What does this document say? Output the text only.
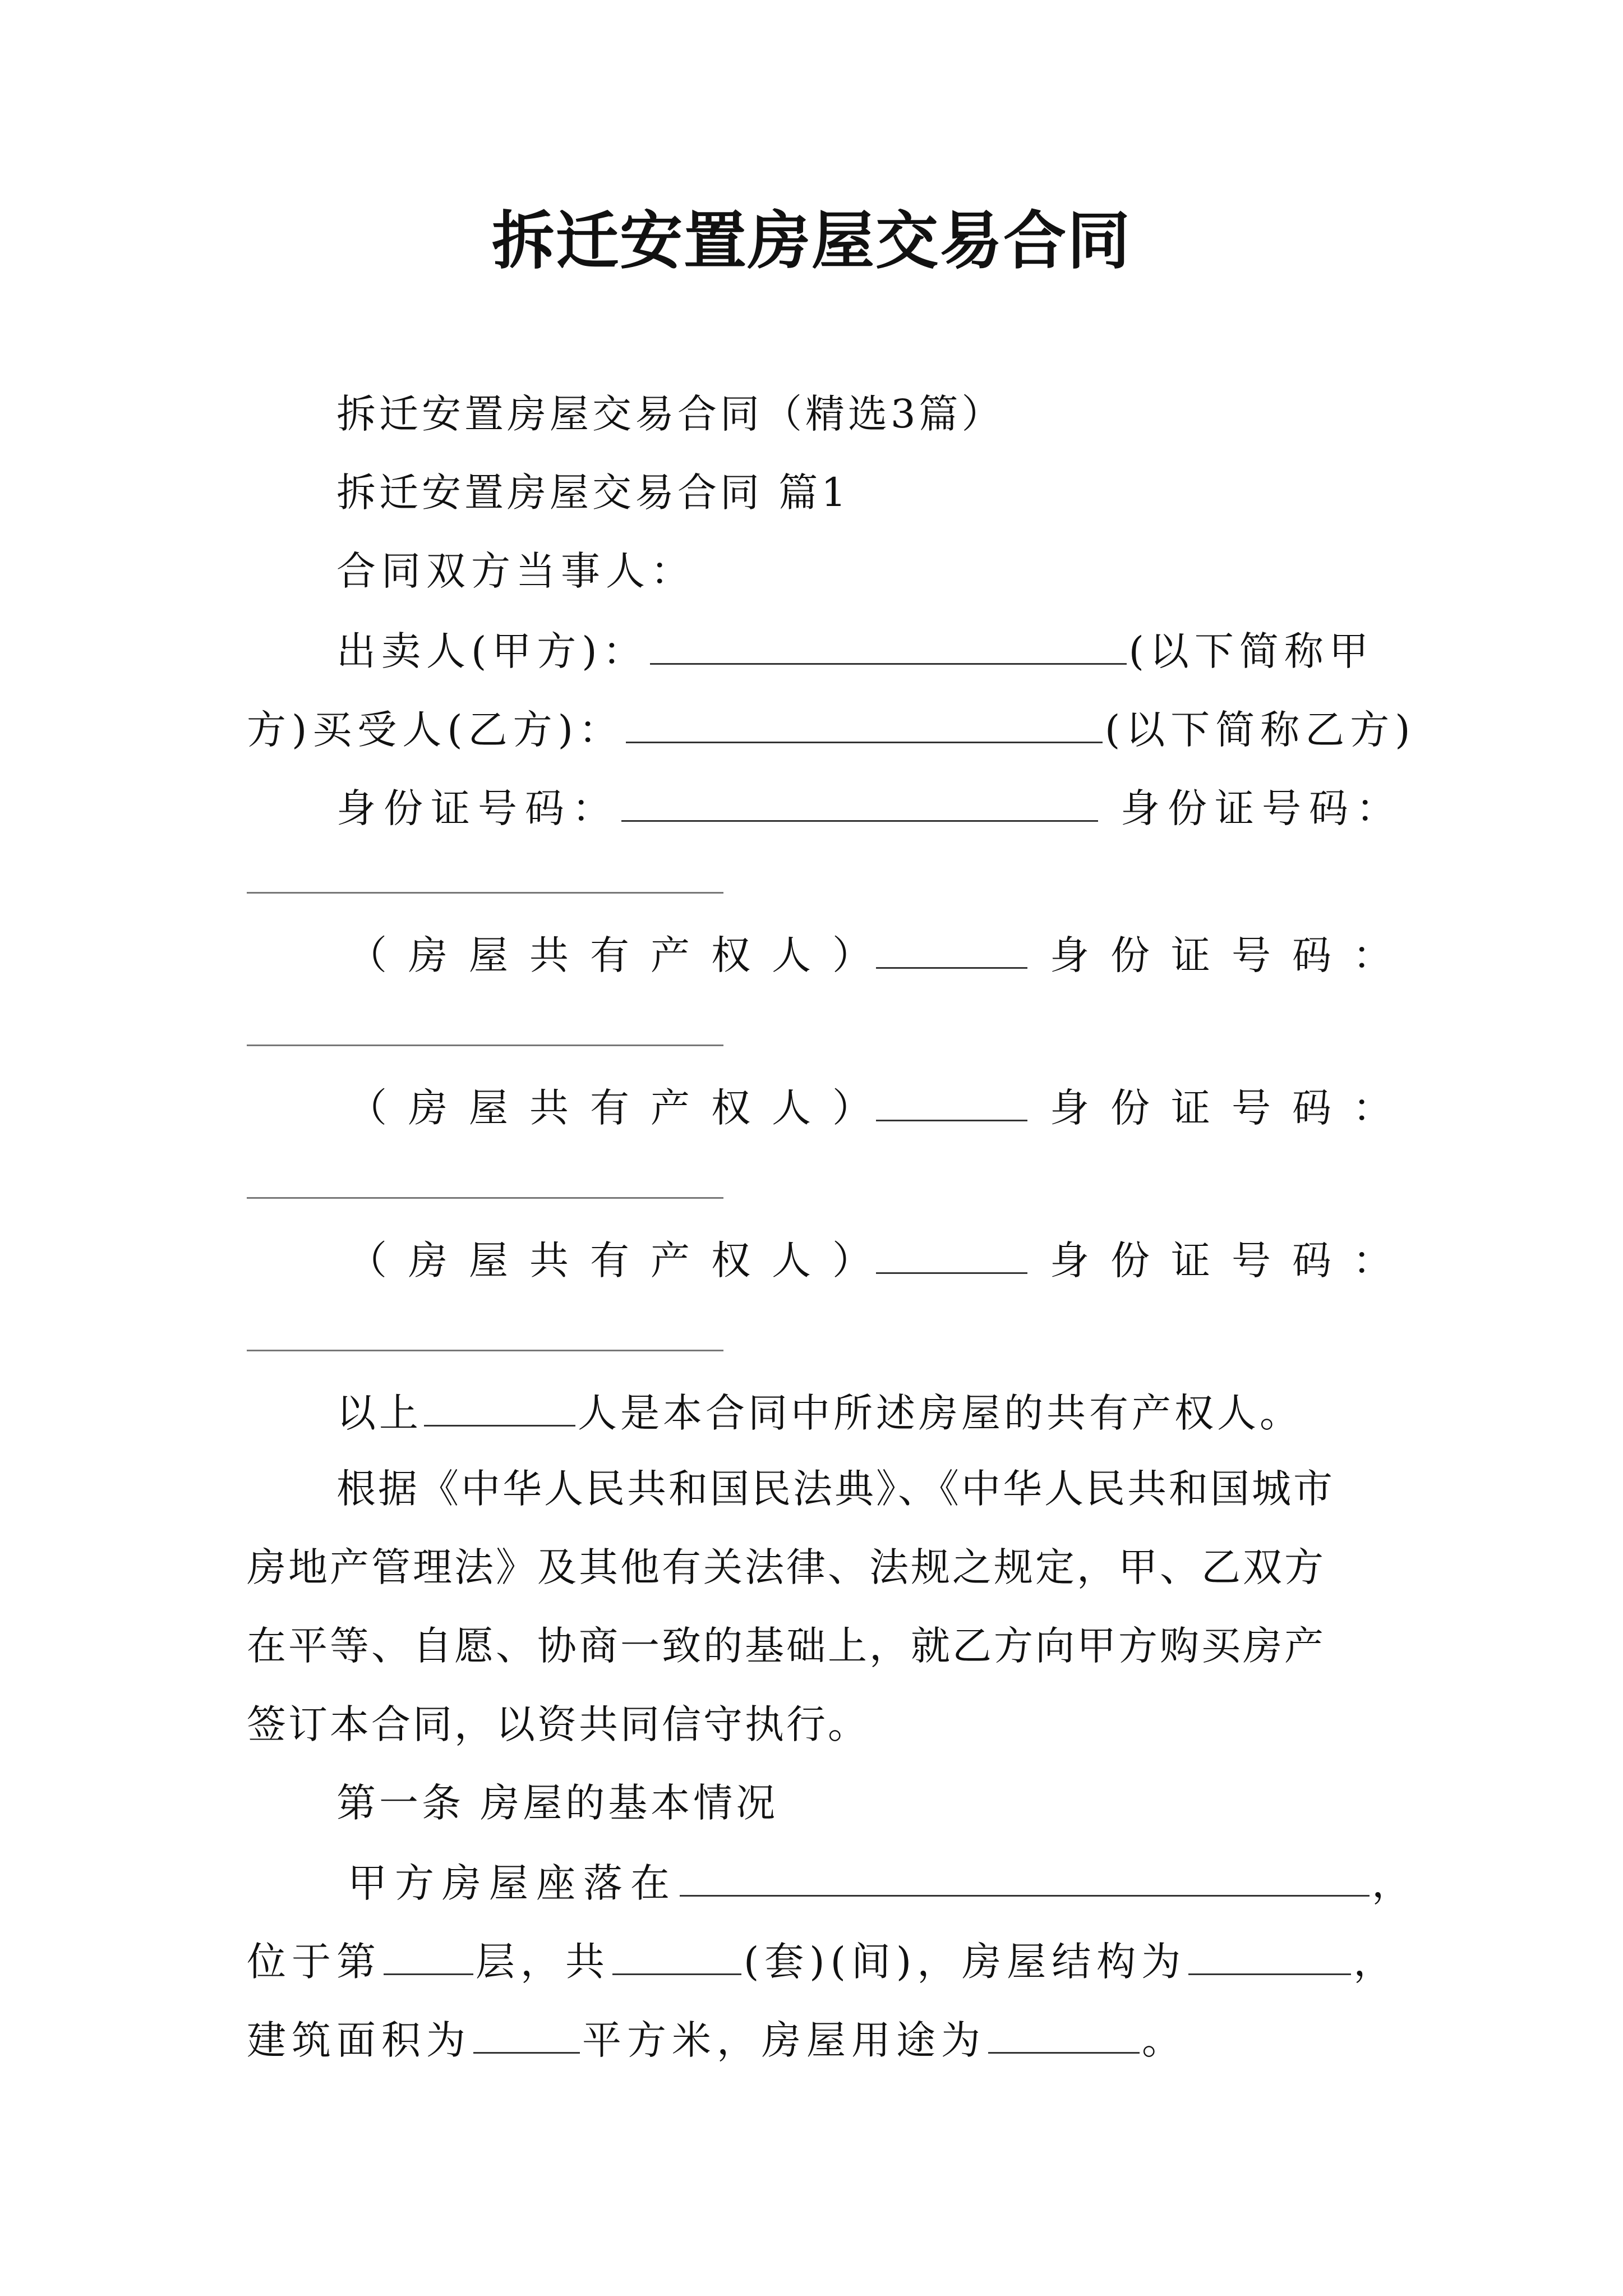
拆迁安置房屋交易合同
拆迁安置房屋交易合同（精选3篇）
拆迁安置房屋交易合同 篇1
合同双方当事人：
出卖人(甲方)：	(以下简称甲
方)买受人(乙方)：	(以下简称乙方)
身份证号码：	身份证号码：
（房屋共有产权人）	身份证号码：
（房屋共有产权人）	身份证号码：
（房屋共有产权人）	身份证号码：
以上	人是本合同中所述房屋的共有产权人。
根据《中华人民共和国民法典》、《中华人民共和国城市
房地产管理法》及其他有关法律、法规之规定，甲、乙双方
在平等、自愿、协商一致的基础上，就乙方向甲方购买房产
签订本合同，以资共同信守执行。
第一条 房屋的基本情况
甲方房屋座落在	，
位于第 层，共	(套)(间)，房屋结构为	，
建筑面积为	平方米，房屋用途为	。
